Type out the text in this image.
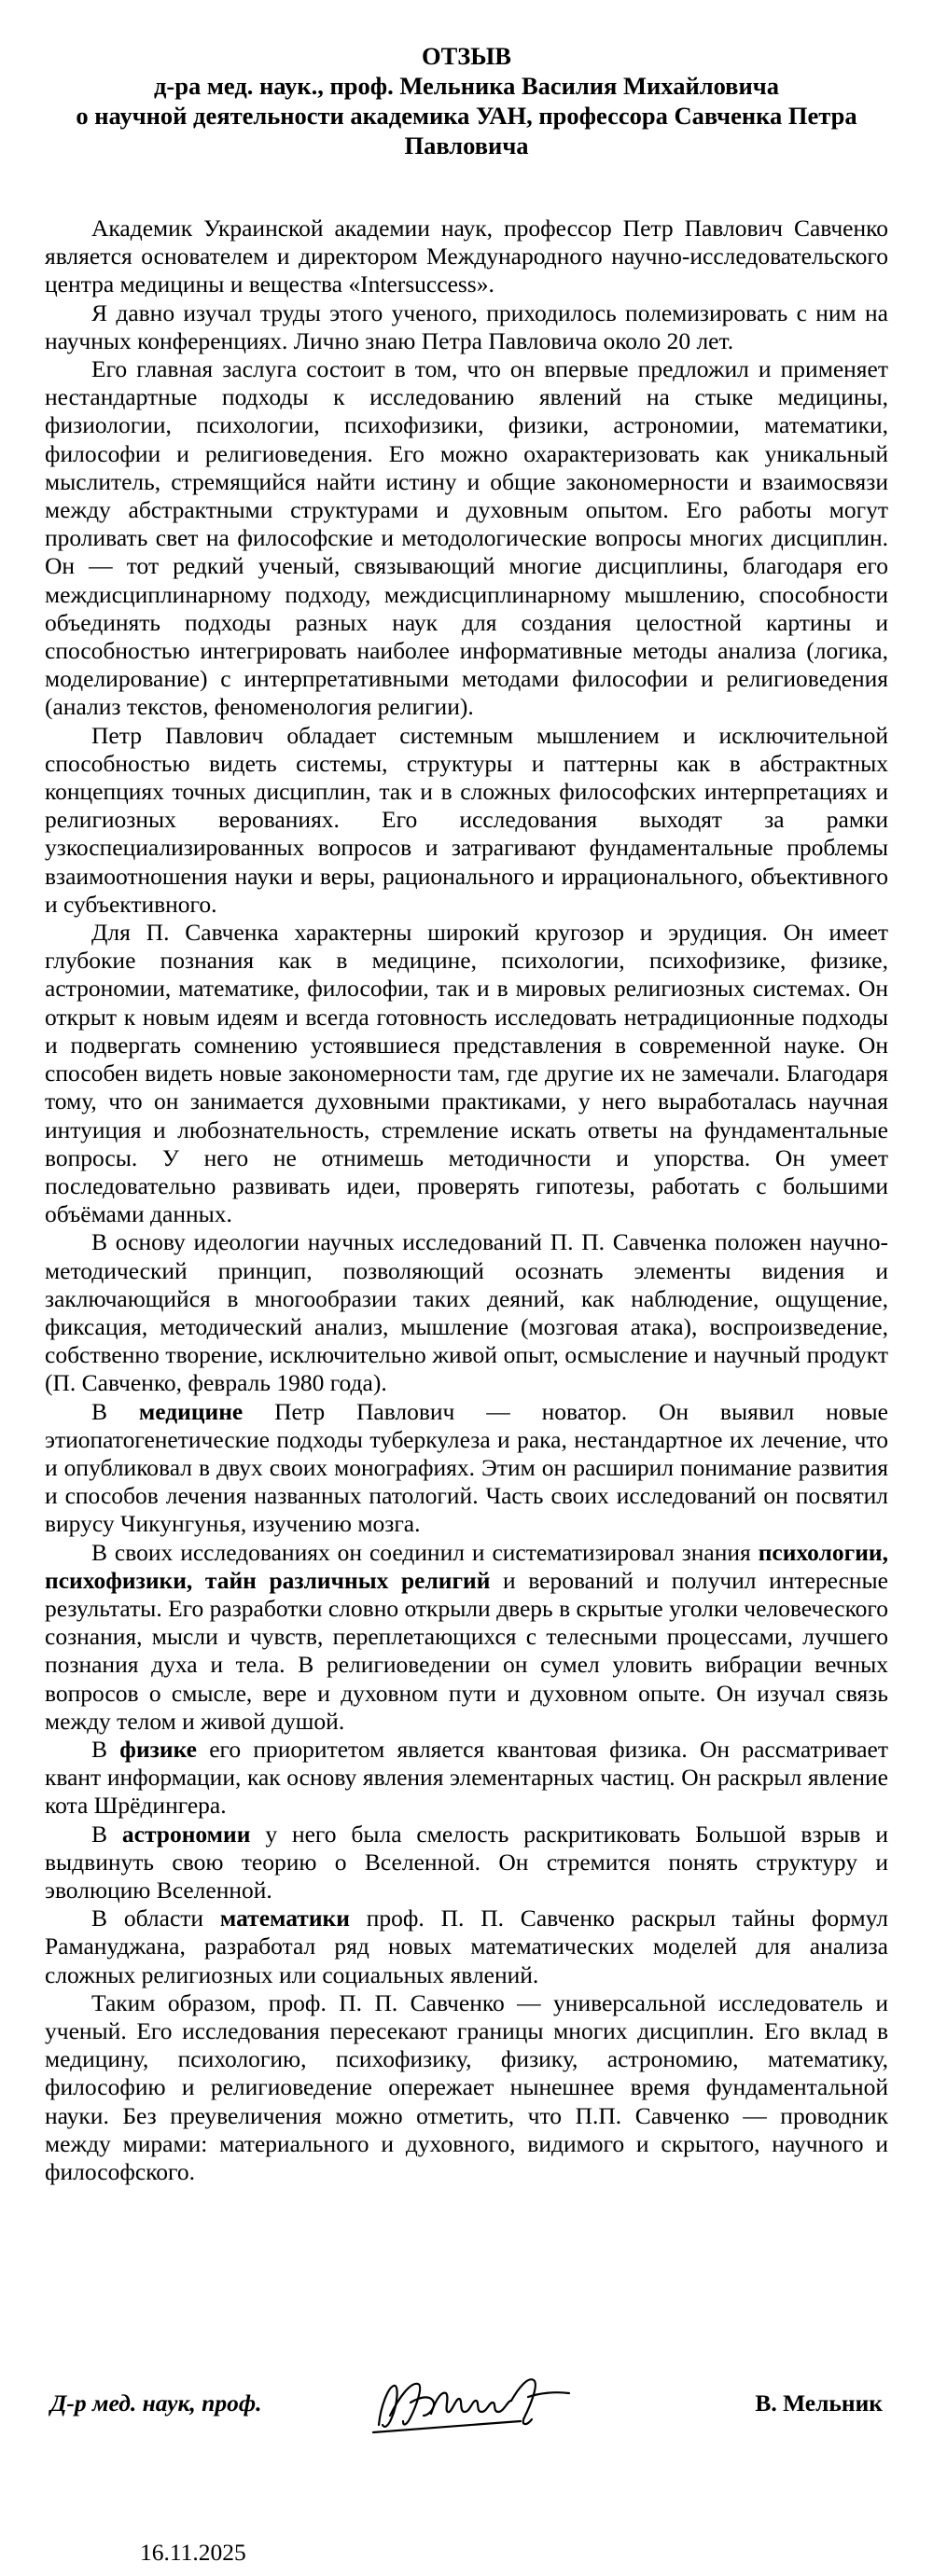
ОТЗЫВ
д-ра мед. наук., проф. Мельника Василия Михайловича
о научной деятельности академика УАН, профессора Савченка Петра
Павловича

Академик Украинской академии наук, профессор Петр Павлович Савченко является основателем и директором Международного научно-исследовательского центра медицины и вещества «Intersuccess».

Я давно изучал труды этого ученого, приходилось полемизировать с ним на научных конференциях. Лично знаю Петра Павловича около 20 лет.

Его главная заслуга состоит в том, что он впервые предложил и применяет нестандартные подходы к исследованию явлений на стыке медицины, физиологии, психологии, психофизики, физики, астрономии, математики, философии и религиоведения. Его можно охарактеризовать как уникальный мыслитель, стремящийся найти истину и общие закономерности и взаимосвязи между абстрактными структурами и духовным опытом. Его работы могут проливать свет на философские и методологические вопросы многих дисциплин. Он — тот редкий ученый, связывающий многие дисциплины, благодаря его междисциплинарному подходу, междисциплинарному мышлению, способности объединять подходы разных наук для создания целостной картины и способностью интегрировать наиболее информативные методы анализа (логика, моделирование) с интерпретативными методами философии и религиоведения (анализ текстов, феноменология религии).

Петр Павлович обладает системным мышлением и исключительной способностью видеть системы, структуры и паттерны как в абстрактных концепциях точных дисциплин, так и в сложных философских интерпретациях и религиозных верованиях. Его исследования выходят за рамки узкоспециализированных вопросов и затрагивают фундаментальные проблемы взаимоотношения науки и веры, рационального и иррационального, объективного и субъективного.

Для П. Савченка характерны широкий кругозор и эрудиция. Он имеет глубокие познания как в медицине, психологии, психофизике, физике, астрономии, математике, философии, так и в мировых религиозных системах. Он открыт к новым идеям и всегда готовность исследовать нетрадиционные подходы и подвергать сомнению устоявшиеся представления в современной науке. Он способен видеть новые закономерности там, где другие их не замечали. Благодаря тому, что он занимается духовными практиками, у него выработалась научная интуиция и любознательность, стремление искать ответы на фундаментальные вопросы. У него не отнимешь методичности и упорства. Он умеет последовательно развивать идеи, проверять гипотезы, работать с большими объёмами данных.

В основу идеологии научных исследований П. П. Савченка положен научно-методический принцип, позволяющий осознать элементы видения и заключающийся в многообразии таких деяний, как наблюдение, ощущение, фиксация, методический анализ, мышление (мозговая атака), воспроизведение, собственно творение, исключительно живой опыт, осмысление и научный продукт (П. Савченко, февраль 1980 года).

В медицине Петр Павлович — новатор. Он выявил новые этиопатогенетические подходы туберкулеза и рака, нестандартное их лечение, что и опубликовал в двух своих монографиях. Этим он расширил понимание развития и способов лечения названных патологий. Часть своих исследований он посвятил вирусу Чикунгунья, изучению мозга.

В своих исследованиях он соединил и систематизировал знания психологии, психофизики, тайн различных религий и верований и получил интересные результаты. Его разработки словно открыли дверь в скрытые уголки человеческого сознания, мысли и чувств, переплетающихся с телесными процессами, лучшего познания духа и тела. В религиоведении он сумел уловить вибрации вечных вопросов о смысле, вере и духовном пути и духовном опыте. Он изучал связь между телом и живой душой.

В физике его приоритетом является квантовая физика. Он рассматривает квант информации, как основу явления элементарных частиц. Он раскрыл явление кота Шрёдингера.

В астрономии у него была смелость раскритиковать Большой взрыв и выдвинуть свою теорию о Вселенной. Он стремится понять структуру и эволюцию Вселенной.

В области математики проф. П. П. Савченко раскрыл тайны формул Рамануджана, разработал ряд новых математических моделей для анализа сложных религиозных или социальных явлений.

Таким образом, проф. П. П. Савченко — универсальной исследователь и ученый. Его исследования пересекают границы многих дисциплин. Его вклад в медицину, психологию, психофизику, физику, астрономию, математику, философию и религиоведение опережает нынешнее время фундаментальной науки. Без преувеличения можно отметить, что П.П. Савченко — проводник между мирами: материального и духовного, видимого и скрытого, научного и философского.

Д-р мед. наук, проф.	В. Мельник
16.11.2025
